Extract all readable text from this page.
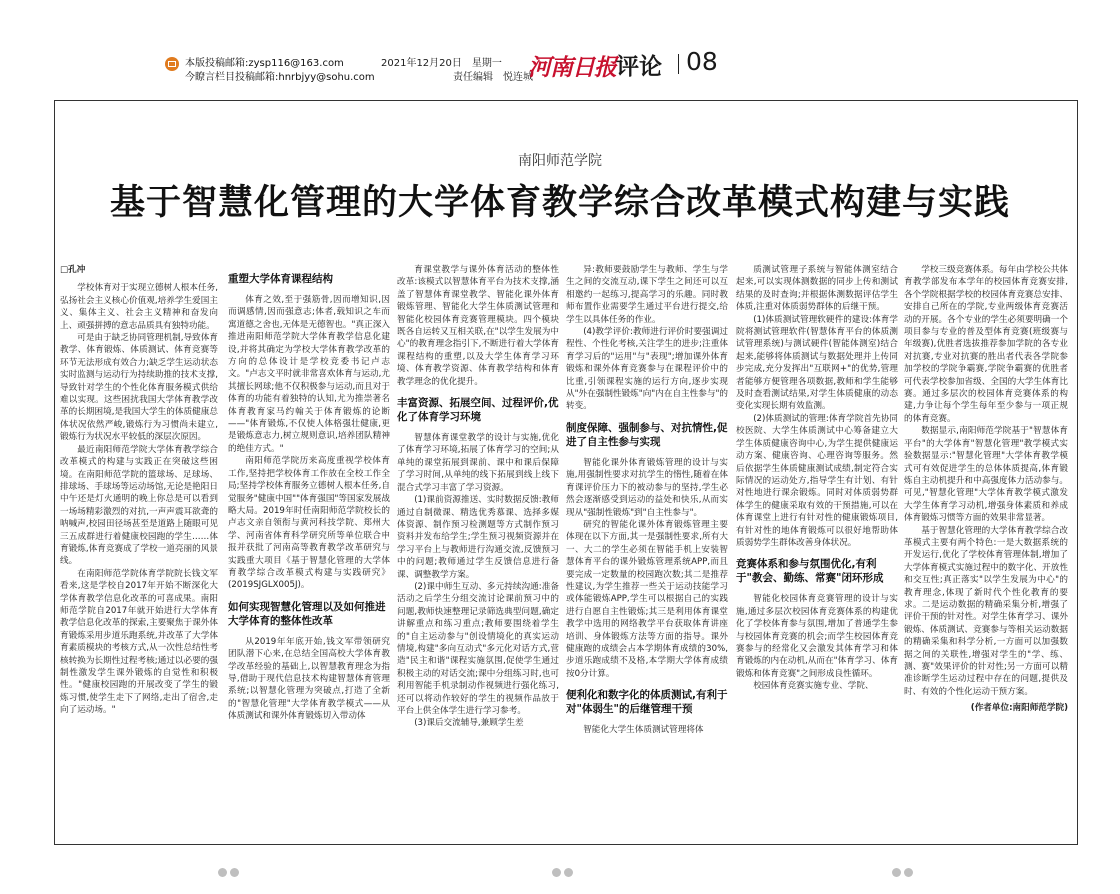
本版投稿邮箱:zysp116@163.com
今瞭言栏目投稿邮箱:hnrbjyy@sohu.com
2021年12月20日　星期一
责任编辑　悦连城
河南日报 评论 08
南阳师范学院
基于智慧化管理的大学体育教学综合改革模式构建与实践

□孔冲

学校体育对于实现立德树人根本任务,弘扬社会主义核心价值观,培养学生爱国主义、集体主义、社会主义精神和奋发向上、顽强拼搏的意志品质具有独特功能。

可是由于缺乏协同管理机制,导致体育教学、体育锻炼、体质测试、体育竞赛等环节无法形成有效合力;缺乏学生运动状态实时监测与运动行为持续助推的技术支撑,导致针对学生的个性化体育服务模式供给难以实现。这些困扰我国大学体育教学改革的长期困境,是我国大学生的体质健康总体状况依然严峻,锻炼行为习惯尚未建立,锻炼行为状况水平较低的深层次原因。

最近南阳师范学院大学体育教学综合改革模式的构建与实践正在突破这些困境。在南阳师范学院的篮球场、足球场、排球场、手球场等运动场馆,无论是艳阳日中午还是灯火通明的晚上你总是可以看到一场场精彩激烈的对抗,一声声震耳欲聋的呐喊声,校园田径场甚至是道路上随眼可见三五成群进行着健康校园跑的学生……体育锻炼,体育竞赛成了学校一道亮丽的风景线。

在南阳师范学院体育学院院长钱文军看来,这是学校自2017年开始不断深化大学体育教学信息化改革的可喜成果。南阳师范学院自2017年就开始进行大学体育教学信息化改革的探索,主要聚焦于课外体育锻炼采用步道乐跑系统,并改革了大学体育素质模块的考核方式,从一次性总结性考核转换为长期性过程考核;通过以必要的强制性激发学生课外锻炼的自觉性和积极性。"健康校园跑的开展改变了学生的锻炼习惯,使学生走下了网络,走出了宿舍,走向了运动场。"

重塑大学体育课程结构

体育之效,至于强筋骨,因而增知识,因而调感情,因而强意志;体者,载知识之车而寓道德之舍也,无体是无德智也。"真正深入推进南阳师范学院大学体育教学信息化建设,并将其确定为学校大学体育教学改革的方向的总体设计是学校竞委书记卢志文。"卢志文平时就非常喜欢体育与运动,尤其擅长网球;他不仅积极参与运动,而且对于体育的功能有着独特的认知,尤为推崇著名体育教育家马约翰关于体育锻炼的论断——"体育锻炼,不仅使人体格强壮健康,更是锻炼意志力,树立规则意识,培养团队精神的绝佳方式。"

南阳师范学院历来高度重视学校体育工作,坚持把学校体育工作放在全校工作全局;坚持学校体育服务立德树人根本任务,自觉服务"健康中国""体育强国"等国家发展战略大局。2019年时任南阳师范学院校长的卢志文亲自领衔与黄河科技学院、郑州大学、河南省体育科学研究所等单位联合申报并获批了河南高等教育教学改革研究与实践重大项目《基于智慧化管理的大学体育教学综合改革模式构建与实践研究》(2019SJGLX005J)。

如何实现智慧化管理以及如何推进大学体育的整体性改革

从2019年年底开始,钱文军带领研究团队潜下心来,在总结全国高校大学体育教学改革经验的基础上,以智慧教育理念为指导,借助于现代信息技术构建智慧体育管理系统;以智慧化管理为突破点,打造了全新的"智慧化管理"大学体育教学模式——从体质测试和课外体育锻炼切入带动体

育课堂教学与课外体育活动的整体性改革:该模式以智慧体育平台为技术支撑,涵盖了智慧体育课堂教学、智能化课外体育锻炼管理、智能化大学生体质测试管理和智能化校园体育竞赛管理模块。四个模块既各自运转又互相关联,在"以学生发展为中心"的教育理念指引下,不断进行着大学体育课程结构的重塑,以及大学生体育学习环境、体育教学资源、体育教学结构和体育教学理念的优化提升。

丰富资源、拓展空间、过程评价,优化了体育学习环境

智慧体育课堂教学的设计与实施,优化了体育学习环境,拓展了体育学习的空间;从单纯的课堂拓展到课前、课中和课后保障了学习时间,从单纯的线下拓展到线上线下混合式学习丰富了学习资源。

(1)课前资源推送、实时数据反馈:教师通过自制微课、精选优秀慕课、选择多媒体资源、制作预习检测题等方式制作预习资料并发布给学生;学生预习视频资源并在学习平台上与教师进行沟通交流,反馈预习中的问题;教师通过学生反馈信息进行备课、调整教学方案。

(2)课中师生互动、多元持续沟通:准备活动之后学生分组交流讨论课前预习中的问题,教师快速整理记录筛选典型问题,确定讲解重点和练习重点;教师要围绕着学生的"自主运动参与"创设情境化的真实运动情境,构建"多向互动式"多元化对话方式,营造"民主和谐"课程实施氛围,促使学生通过积极主动的对话交流;课中分组练习时,也可利用智能手机录制动作视频进行强化练习,还可以将动作较好的学生的视频作品放于平台上供全体学生进行学习参考。

(3)课后交流辅导,兼顾学生差

异:教师要鼓励学生与教师、学生与学生之间的交流互动,课下学生之间还可以互相邀约一起练习,提高学习的乐趣。同时教师布置作业需要学生通过平台进行提交,给学生以具体任务的作业。

(4)教学评价:教师进行评价时要强调过程性、个性化考核,关注学生的进步;注重体育学习后的"运用"与"表现";增加课外体育锻炼和课外体育竞赛参与在课程评价中的比重,引领课程实施的运行方向,逐步实现从"外在强制性锻炼"向"内在自主性参与"的转变。

制度保障、强制参与、对抗情性,促进了自主性参与实现

智能化课外体育锻炼管理的设计与实施,用强制性要求对抗学生的惰性,随着在体育课评价压力下的被动参与的坚持,学生必然会逐渐感受到运动的益处和快乐,从而实现从"强制性锻炼"到"自主性参与"。

研究的智能化课外体育锻炼管理主要体现在以下方面,其一是强制性要求,所有大一、大二的学生必须在智能手机上安装智慧体育平台的课外锻炼管理系统APP,而且要完成一定数量的校园跑次数;其二是推荐性建议,为学生推荐一些关于运动技能学习或体能锻炼APP,学生可以根据自己的实践进行自愿自主性锻炼;其三是利用体育课堂教学中选用的网络教学平台获取体育讲座培训、身体锻炼方法等方面的指导。课外健康跑的成绩会占本学期体育成绩的30%,步道乐跑成绩不及格,本学期大学体育成绩按0分计算。

便利化和数字化的体质测试,有利于对"体弱生"的后继管理干预

智能化大学生体质测试管理将体

质测试管理子系统与智能体测室结合起来,可以实现体测数据的同步上传和测试结果的及时查询;并根据体测数据评估学生体质,注重对体质弱势群体的后继干预。

(1)体质测试管理软硬件的建设:体育学院将测试管理软件(智慧体育平台的体质测试管理系统)与测试硬件(智能体测室)结合起来,能够将体质测试与数据处理并上传同步完成,充分发挥出"互联网+"的优势,管理者能够方便管理各项数据,教师和学生能够及时查看测试结果,对学生体质健康的动态变化实现长期有效监测。

(2)体质测试的管理:体育学院首先协同校医院、大学生体质测试中心筹备建立大学生体质健康咨询中心,为学生提供健康运动方案、健康咨询、心理咨询等服务。然后依据学生体质健康测试成绩,制定符合实际情况的运动处方,指导学生有计划、有针对性地进行课余锻炼。同时对体质弱势群体学生的健康采取有效的干预措施,可以在体育课堂上进行有针对性的健康锻炼项目,有针对性的地体育锻炼可以很好地帮助体质弱势学生群体改善身体状况。

竞赛体系和参与氛围优化,有利于"教会、勤练、常赛"闭环形成

智能化校园体育竞赛管理的设计与实施,通过多层次校园体育竞赛体系的构建优化了学校体育参与氛围,增加了普通学生参与校园体育竞赛的机会;而学生校园体育竞赛参与的经常化又会激发其体育学习和体育锻炼的内在动机,从而在"体育学习、体育锻炼和体育竞赛"之间形成良性循环。

校园体育竞赛实施专业、学院、

学校三级竞赛体系。每年由学校公共体育教学部发布本学年的校园体育竞赛安排,各个学院根据学校的校园体育竞赛总安排、安排自己所在的学院,专业两级体育竞赛活动的开展。各个专业的学生必须要明确一个项目参与专业的普及型体育竞赛(班级赛与年级赛),优胜者选拔推荐参加学院的各专业对抗赛,专业对抗赛的胜出者代表各学院参加学校的学院争霸赛,学院争霸赛的优胜者可代表学校参加省级、全国的大学生体育比赛。通过多层次的校园体育竞赛体系的构建,力争让每个学生每年至少参与一项正规的体育竞赛。

数据显示,南阳师范学院基于"智慧体育平台"的大学体育"智慧化管理"教学模式实验数据显示:"智慧化管理"大学体育教学模式可有效促进学生的总体体质提高,体育锻炼自主动机提升和中高强度体力活动参与。可见,"智慧化管理"大学体育教学模式激发大学生体育学习动机,增强身体素质和养成体育锻炼习惯等方面的效果非常显著。

基于智慧化管理的大学体育教学综合改革模式主要有两个特色:一是大数据系统的开发运行,优化了学校体育管理体制,增加了大学体育模式实施过程中的数字化、开放性和交互性;真正落实"以学生发展为中心"的教育理念,体现了新时代个性化教育的要求。二是运动数据的精确采集分析,增强了评价干预的针对性。对学生体育学习、课外锻炼、体质测试、竞赛参与等相关运动数据的精确采集和科学分析,一方面可以加强数据之间的关联性,增强对学生的"学、练、测、赛"效果评价的针对性;另一方面可以精准诊断学生运动过程中存在的问题,提供及时、有效的个性化运动干预方案。

(作者单位:南阳师范学院)
